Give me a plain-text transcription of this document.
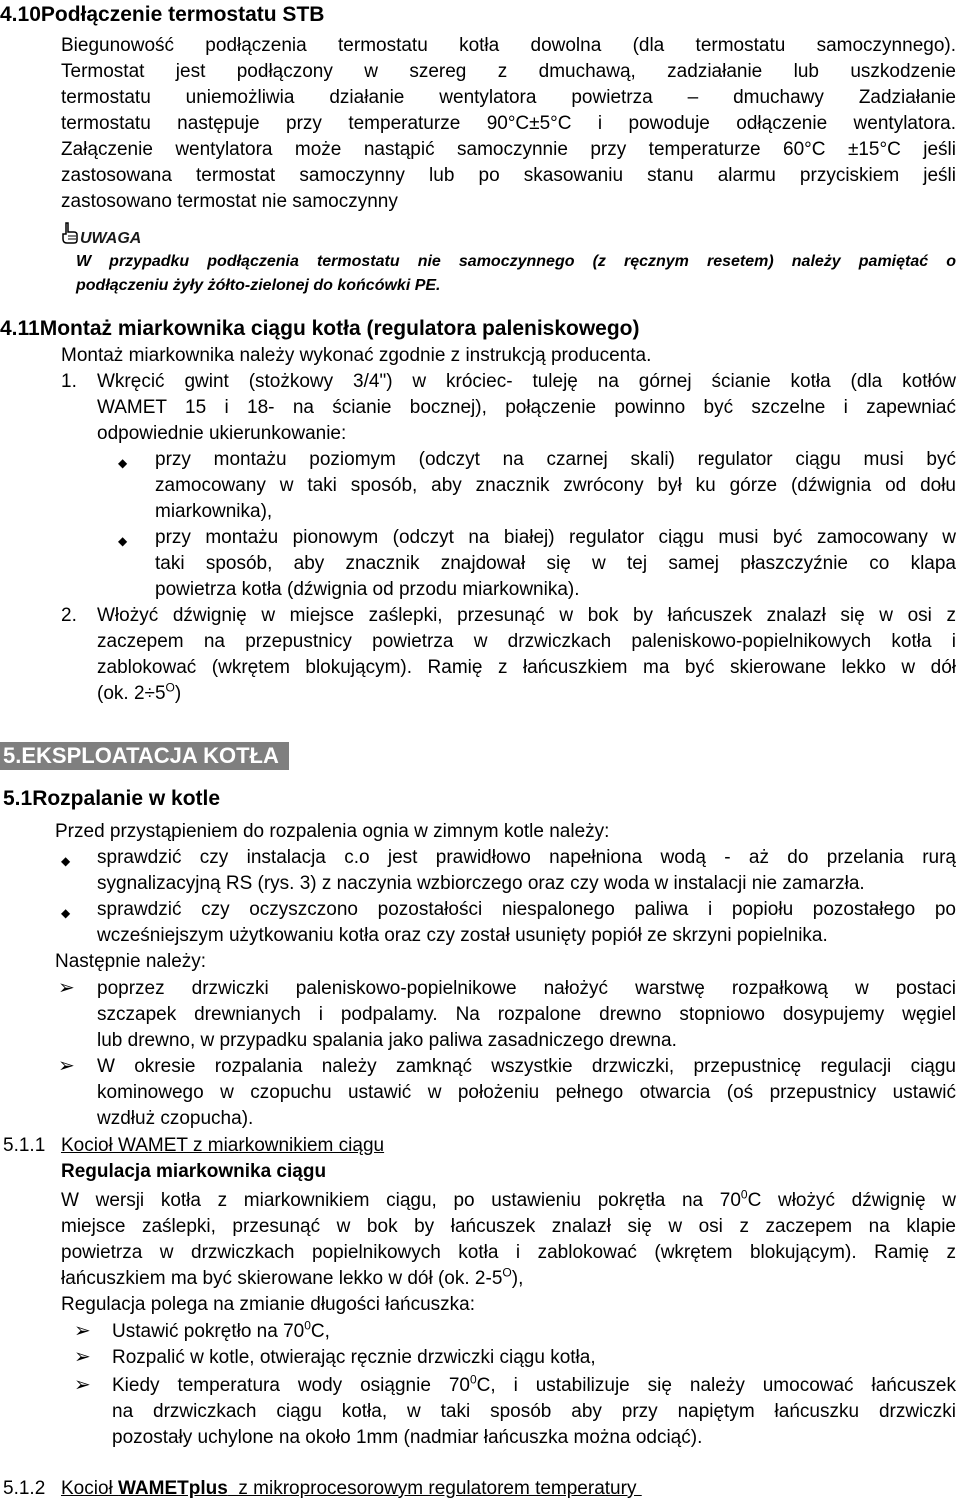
4.10Podłączenie termostatu STB

Biegunowość podłączenia termostatu kotła dowolna (dla termostatu samoczynnego).

Termostat jest podłączony w szereg z dmuchawą, zadziałanie lub uszkodzenie

termostatu uniemożliwia działanie wentylatora powietrza – dmuchawy Zadziałanie

termostatu następuje przy temperaturze 90°C±5°C i powoduje odłączenie wentylatora.

Załączenie wentylatora może nastąpić samoczynnie przy temperaturze 60°C ±15°C jeśli

zastosowana termostat samoczynny lub po skasowaniu stanu alarmu przyciskiem jeśli

zastosowano termostat nie samoczynny

UWAGA
W przypadku podłączenia termostatu nie samoczynnego (z ręcznym resetem) należy pamiętać o
podłączeniu żyły żółto-zielonej do końcówki PE.
4.11Montaż miarkownika ciągu kotła (regulatora paleniskowego)

Montaż miarkownika należy wykonać zgodnie z instrukcją producenta.

1. Wkręcić gwint (stożkowy 3/4") w króciec- tuleję na górnej ścianie kotła (dla kotłów

WAMET 15 i 18- na ścianie bocznej), połączenie powinno być szczelne i zapewniać

odpowiednie ukierunkowanie:

◆ przy montażu poziomym (odczyt na czarnej skali) regulator ciągu musi być

zamocowany w taki sposób, aby znacznik zwrócony był ku górze (dźwignia od dołu

miarkownika),

◆ przy montażu pionowym (odczyt na białej) regulator ciągu musi być zamocowany w

taki sposób, aby znacznik znajdował się w tej samej płaszczyźnie co klapa

powietrza kotła (dźwignia od przodu miarkownika).

2. Włożyć dźwignię w miejsce zaślepki, przesunąć w bok by łańcuszek znalazł się w osi z

zaczepem na przepustnicy powietrza w drzwiczkach paleniskowo-popielnikowych kotła i

zablokować (wkrętem blokującym). Ramię z łańcuszkiem ma być skierowane lekko w dół

(ok. $2\div 5^O$)

5.EKSPLOATACJA KOTŁA
5.1Rozpalanie w kotle

Przed przystąpieniem do rozpalenia ognia w zimnym kotle należy:

◆ sprawdzić czy instalacja c.o jest prawidłowo napełniona wodą - aż do przelania rurą

sygnalizacyjną RS (rys. 3) z naczynia wzbiorczego oraz czy woda w instalacji nie zamarzła.

◆ sprawdzić czy oczyszczono pozostałości niespalonego paliwa i popiołu pozostałego po

wcześniejszym użytkowaniu kotła oraz czy został usunięty popiół ze skrzyni popielnika.

Następnie należy:

➢ poprzez drzwiczki paleniskowo-popielnikowe nałożyć warstwę rozpałkową w postaci

szczapek drewnianych i podpalamy. Na rozpalone drewno stopniowo dosypujemy węgiel

lub drewno, w przypadku spalania jako paliwa zasadniczego drewna.

➢ W okresie rozpalania należy zamknąć wszystkie drzwiczki, przepustnicę regulacji ciągu

kominowego w czopuchu ustawić w położeniu pełnego otwarcia (oś przepustnicy ustawić

wzdłuż czopucha).

5.1.1 Kocioł WAMET z miarkownikiem ciągu
Regulacja miarkownika ciągu

W wersji kotła z miarkownikiem ciągu, po ustawieniu pokrętła na $70^0C$ włożyć dźwignię w

miejsce zaślepki, przesunąć w bok by łańcuszek znalazł się w osi z zaczepem na klapie

powietrza w drzwiczkach popielnikowych kotła i zablokować (wkrętem blokującym). Ramię z

łańcuszkiem ma być skierowane lekko w dół (ok. $2-5^O$),

Regulacja polega na zmianie długości łańcuszka:

➢ Ustawić pokrętło na $70^0C$,

➢ Rozpalić w kotle, otwierając ręcznie drzwiczki ciągu kotła,

➢ Kiedy temperatura wody osiągnie $70^0C$, i ustabilizuje się należy umocować łańcuszek

na drzwiczkach ciągu kotła, w taki sposób aby przy napiętym łańcuszku drzwiczki

pozostały uchylone na około 1mm (nadmiar łańcuszka można odciąć).

5.1.2 Kocioł WAMETplus  z mikroprocesorowym regulatorem temperatury
